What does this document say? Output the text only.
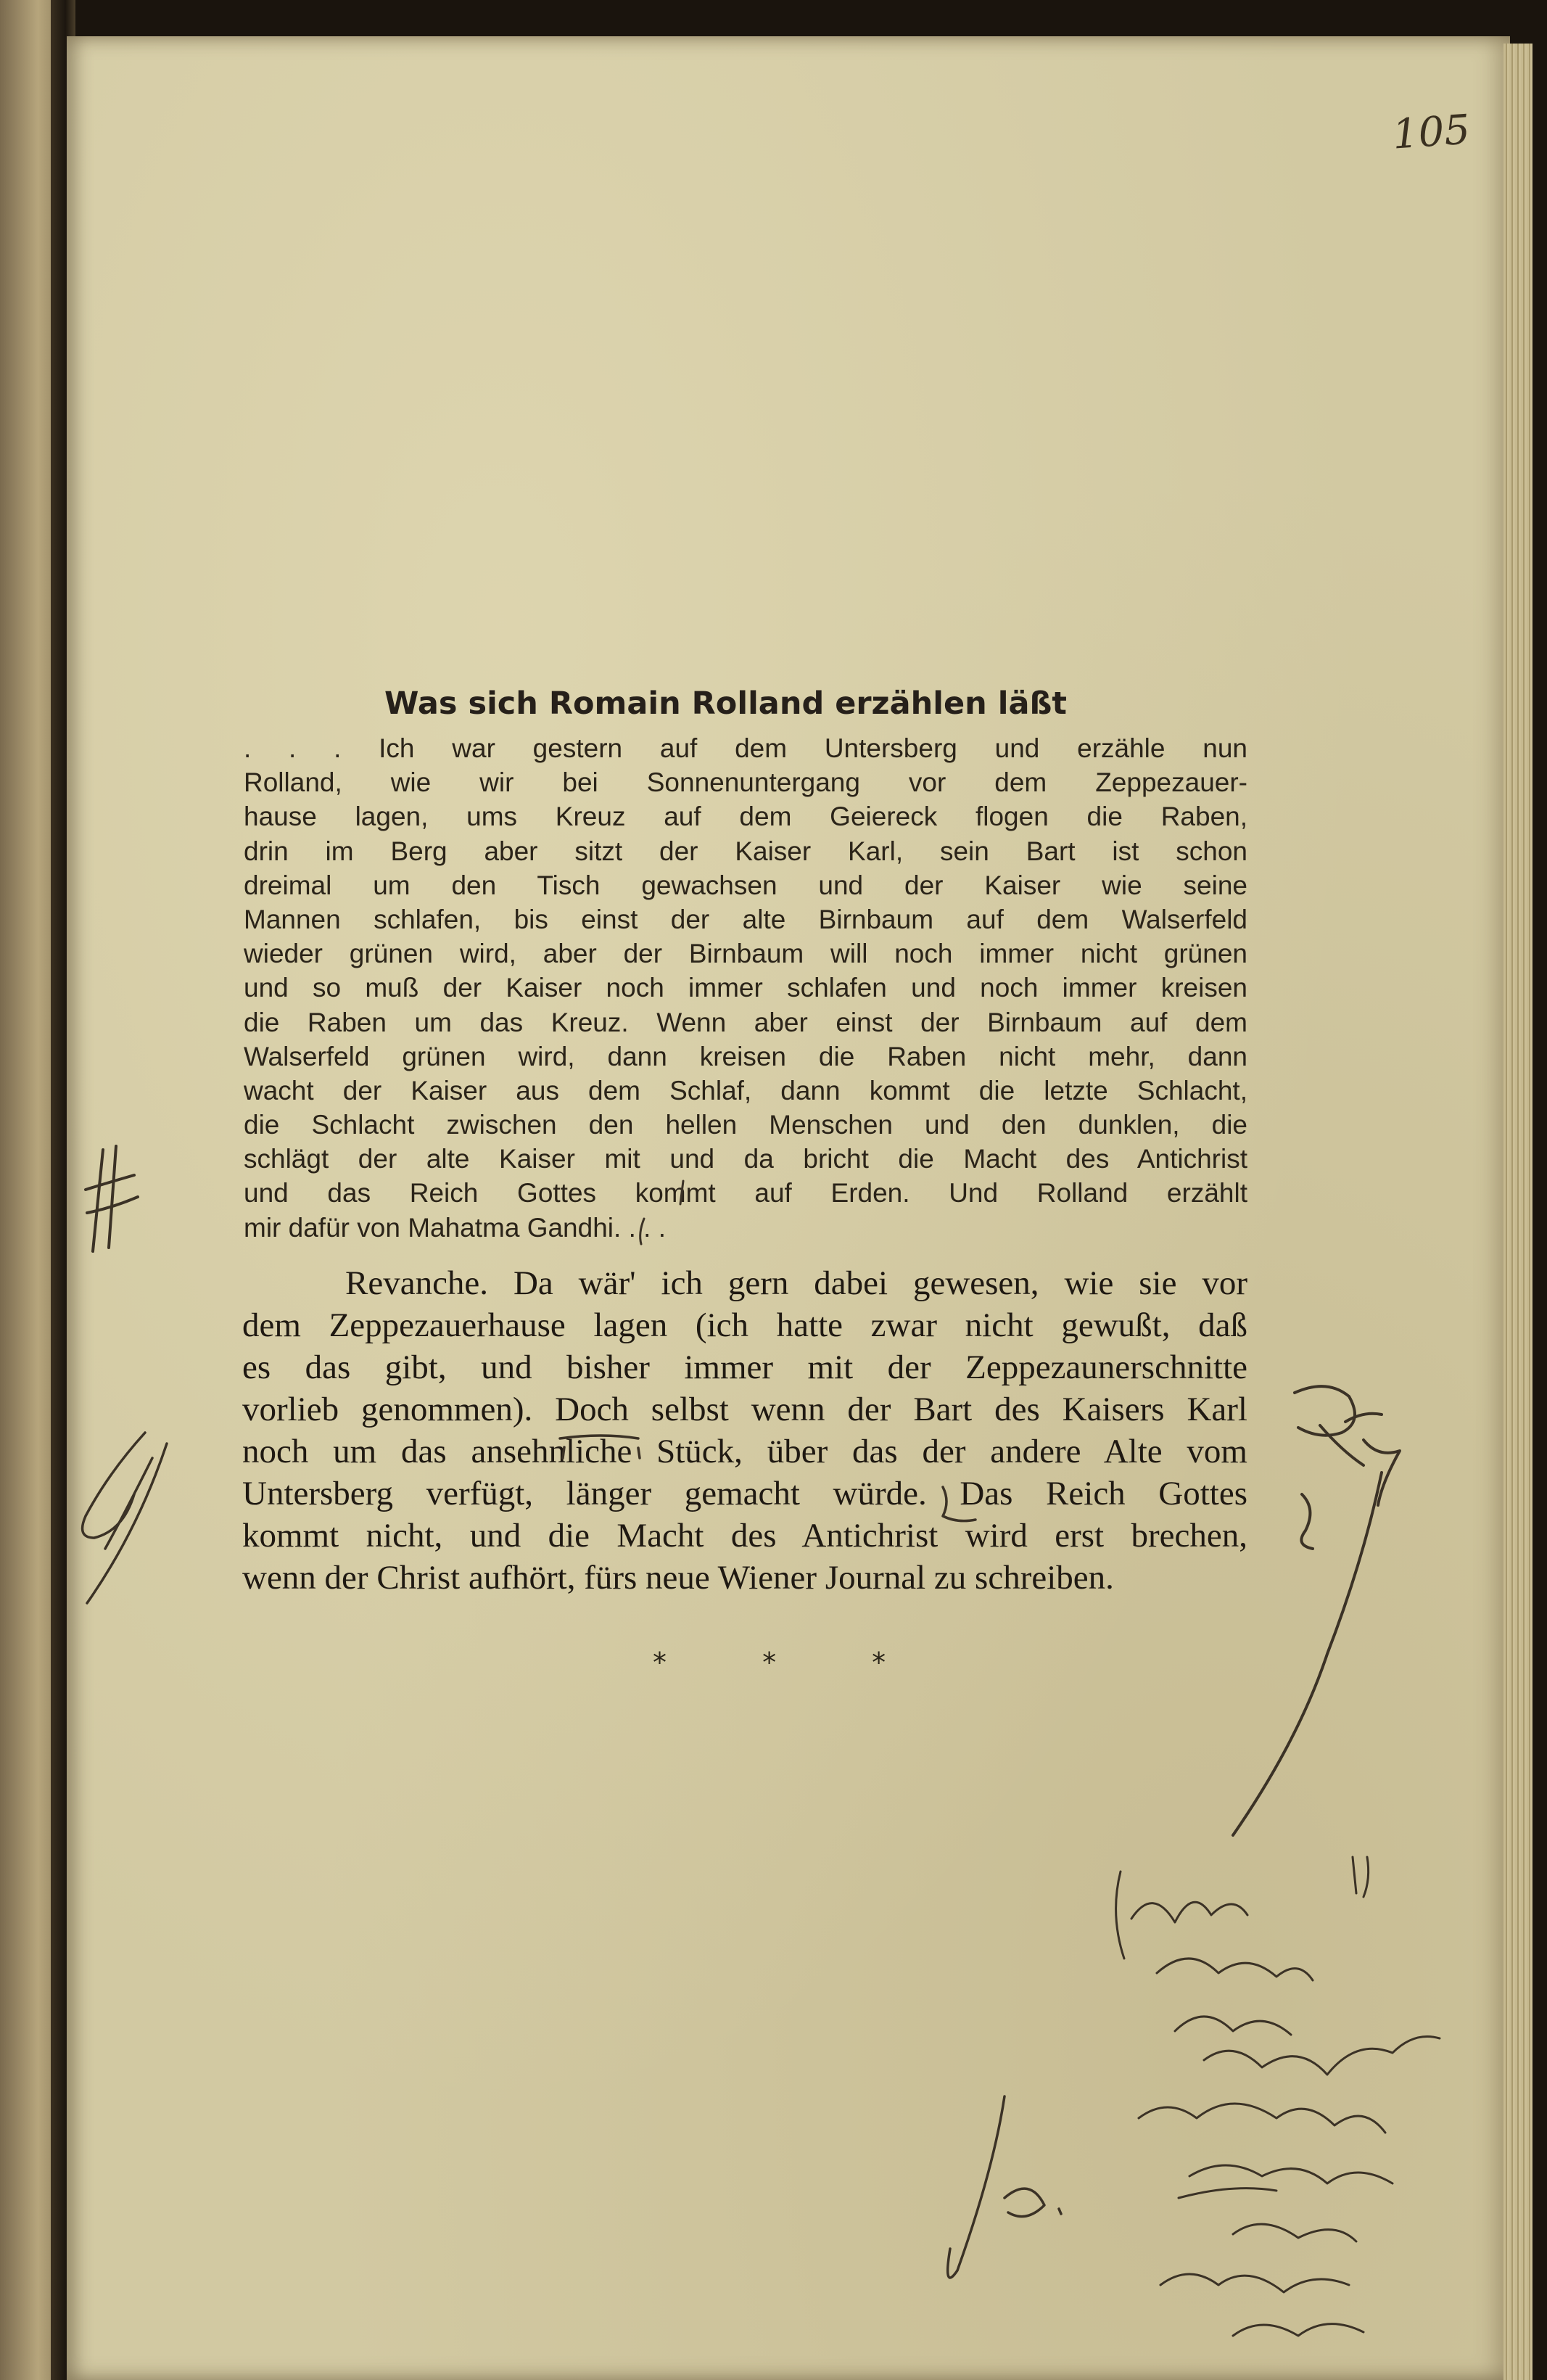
105
Was sich Romain Rolland erzählen läßt
. . . Ich war gestern auf dem Untersberg und erzähle nun
Rolland, wie wir bei Sonnenuntergang vor dem Zeppezauer-
hause lagen, ums Kreuz auf dem Geiereck flogen die Raben,
drin im Berg aber sitzt der Kaiser Karl, sein Bart ist schon
dreimal um den Tisch gewachsen und der Kaiser wie seine
Mannen schlafen, bis einst der alte Birnbaum auf dem Walserfeld
wieder grünen wird, aber der Birnbaum will noch immer nicht grünen
und so muß der Kaiser noch immer schlafen und noch immer kreisen
die Raben um das Kreuz. Wenn aber einst der Birnbaum auf dem
Walserfeld grünen wird, dann kreisen die Raben nicht mehr, dann
wacht der Kaiser aus dem Schlaf, dann kommt die letzte Schlacht,
die Schlacht zwischen den hellen Menschen und den dunklen, die
schlägt der alte Kaiser mit und da bricht die Macht des Antichrist
und das Reich Gottes kommt auf Erden. Und Rolland erzählt
mir dafür von Mahatma Gandhi. . . .
Revanche. Da wär' ich gern dabei gewesen, wie sie vor
dem Zeppezauerhause lagen (ich hatte zwar nicht gewußt, daß
es das gibt, und bisher immer mit der Zeppezaunerschnitte
vorlieb genommen). Doch selbst wenn der Bart des Kaisers Karl
noch um das ansehnliche Stück, über das der andere Alte vom
Untersberg verfügt, länger gemacht würde. Das Reich Gottes
kommt nicht, und die Macht des Antichrist wird erst brechen,
wenn der Christ aufhört, fürs neue Wiener Journal zu schreiben.
* * *
